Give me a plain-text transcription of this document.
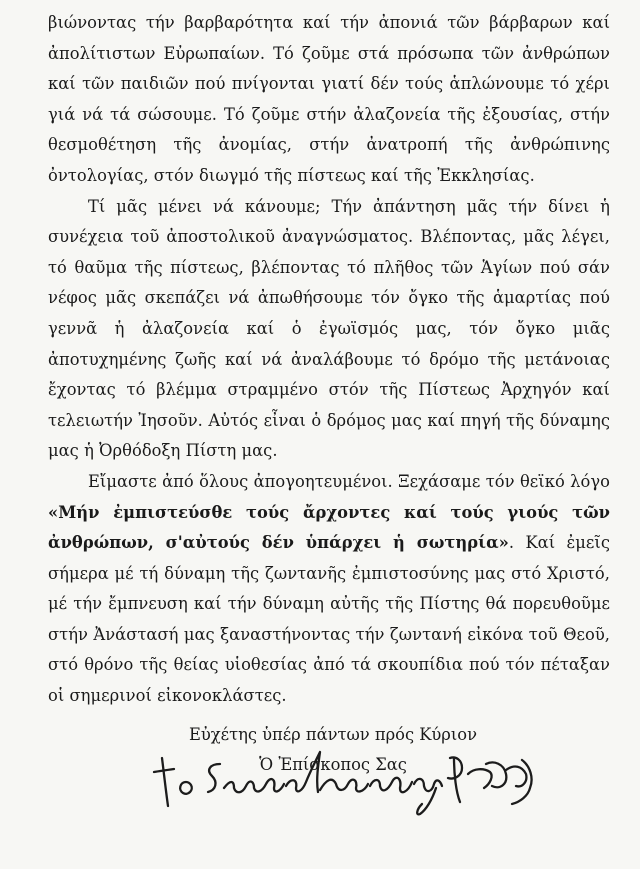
βιώνοντας τήν βαρβαρότητα καί τήν ἀπονιά τῶν βάρβαρων καί ἀπολίτιστων Εὐρωπαίων. Τό ζοῦμε στά πρόσωπα τῶν ἀνθρώπων καί τῶν παιδιῶν πού πνίγονται γιατί δέν τούς ἁπλώνουμε τό χέρι γιά νά τά σώσουμε. Τό ζοῦμε στήν ἀλαζονεία τῆς ἐξουσίας, στήν θεσμοθέτηση τῆς ἀνομίας, στήν ἀνατροπή τῆς ἀνθρώπινης ὀντολογίας, στόν διωγμό τῆς πίστεως καί τῆς Ἐκκλησίας.

Τί μᾶς μένει νά κάνουμε; Τήν ἀπάντηση μᾶς τήν δίνει ἡ συνέχεια τοῦ ἀποστολικοῦ ἀναγνώσματος. Βλέποντας, μᾶς λέγει, τό θαῦμα τῆς πίστεως, βλέποντας τό πλῆθος τῶν Ἁγίων πού σάν νέφος μᾶς σκεπάζει νά ἀπωθήσουμε τόν ὄγκο τῆς ἁμαρτίας πού γεννᾶ ἡ ἀλαζονεία καί ὁ ἐγωϊσμός μας, τόν ὄγκο μιᾶς ἀποτυχημένης ζωῆς καί νά ἀναλάβουμε τό δρόμο τῆς μετάνοιας ἔχοντας τό βλέμμα στραμμένο στόν τῆς Πίστεως Ἀρχηγόν καί τελειωτήν Ἰησοῦν. Αὐτός εἶναι ὁ δρόμος μας καί πηγή τῆς δύναμης μας ἡ Ὀρθόδοξη Πίστη μας.

Εἴμαστε ἀπό ὅλους ἀπογοητευμένοι. Ξεχάσαμε τόν θεϊκό λόγο «Μήν ἐμπιστεύσθε τούς ἄρχοντες καί τούς γιούς τῶν ἀνθρώπων, σ'αὐτούς δέν ὑπάρχει ἡ σωτηρία». Καί ἐμεῖς σήμερα μέ τή δύναμη τῆς ζωντανῆς ἐμπιστοσύνης μας στό Χριστό, μέ τήν ἔμπνευση καί τήν δύναμη αὐτῆς τῆς Πίστης θά πορευθοῦμε στήν Ἀνάστασή μας ξαναστήνοντας τήν ζωντανή εἰκόνα τοῦ Θεοῦ, στό θρόνο τῆς θείας υἱοθεσίας ἀπό τά σκουπίδια πού τόν πέταξαν οἱ σημερινοί εἰκονοκλάστες.

Εὐχέτης ὑπέρ πάντων πρός Κύριον
Ὁ Ἐπίσκοπος Σας
